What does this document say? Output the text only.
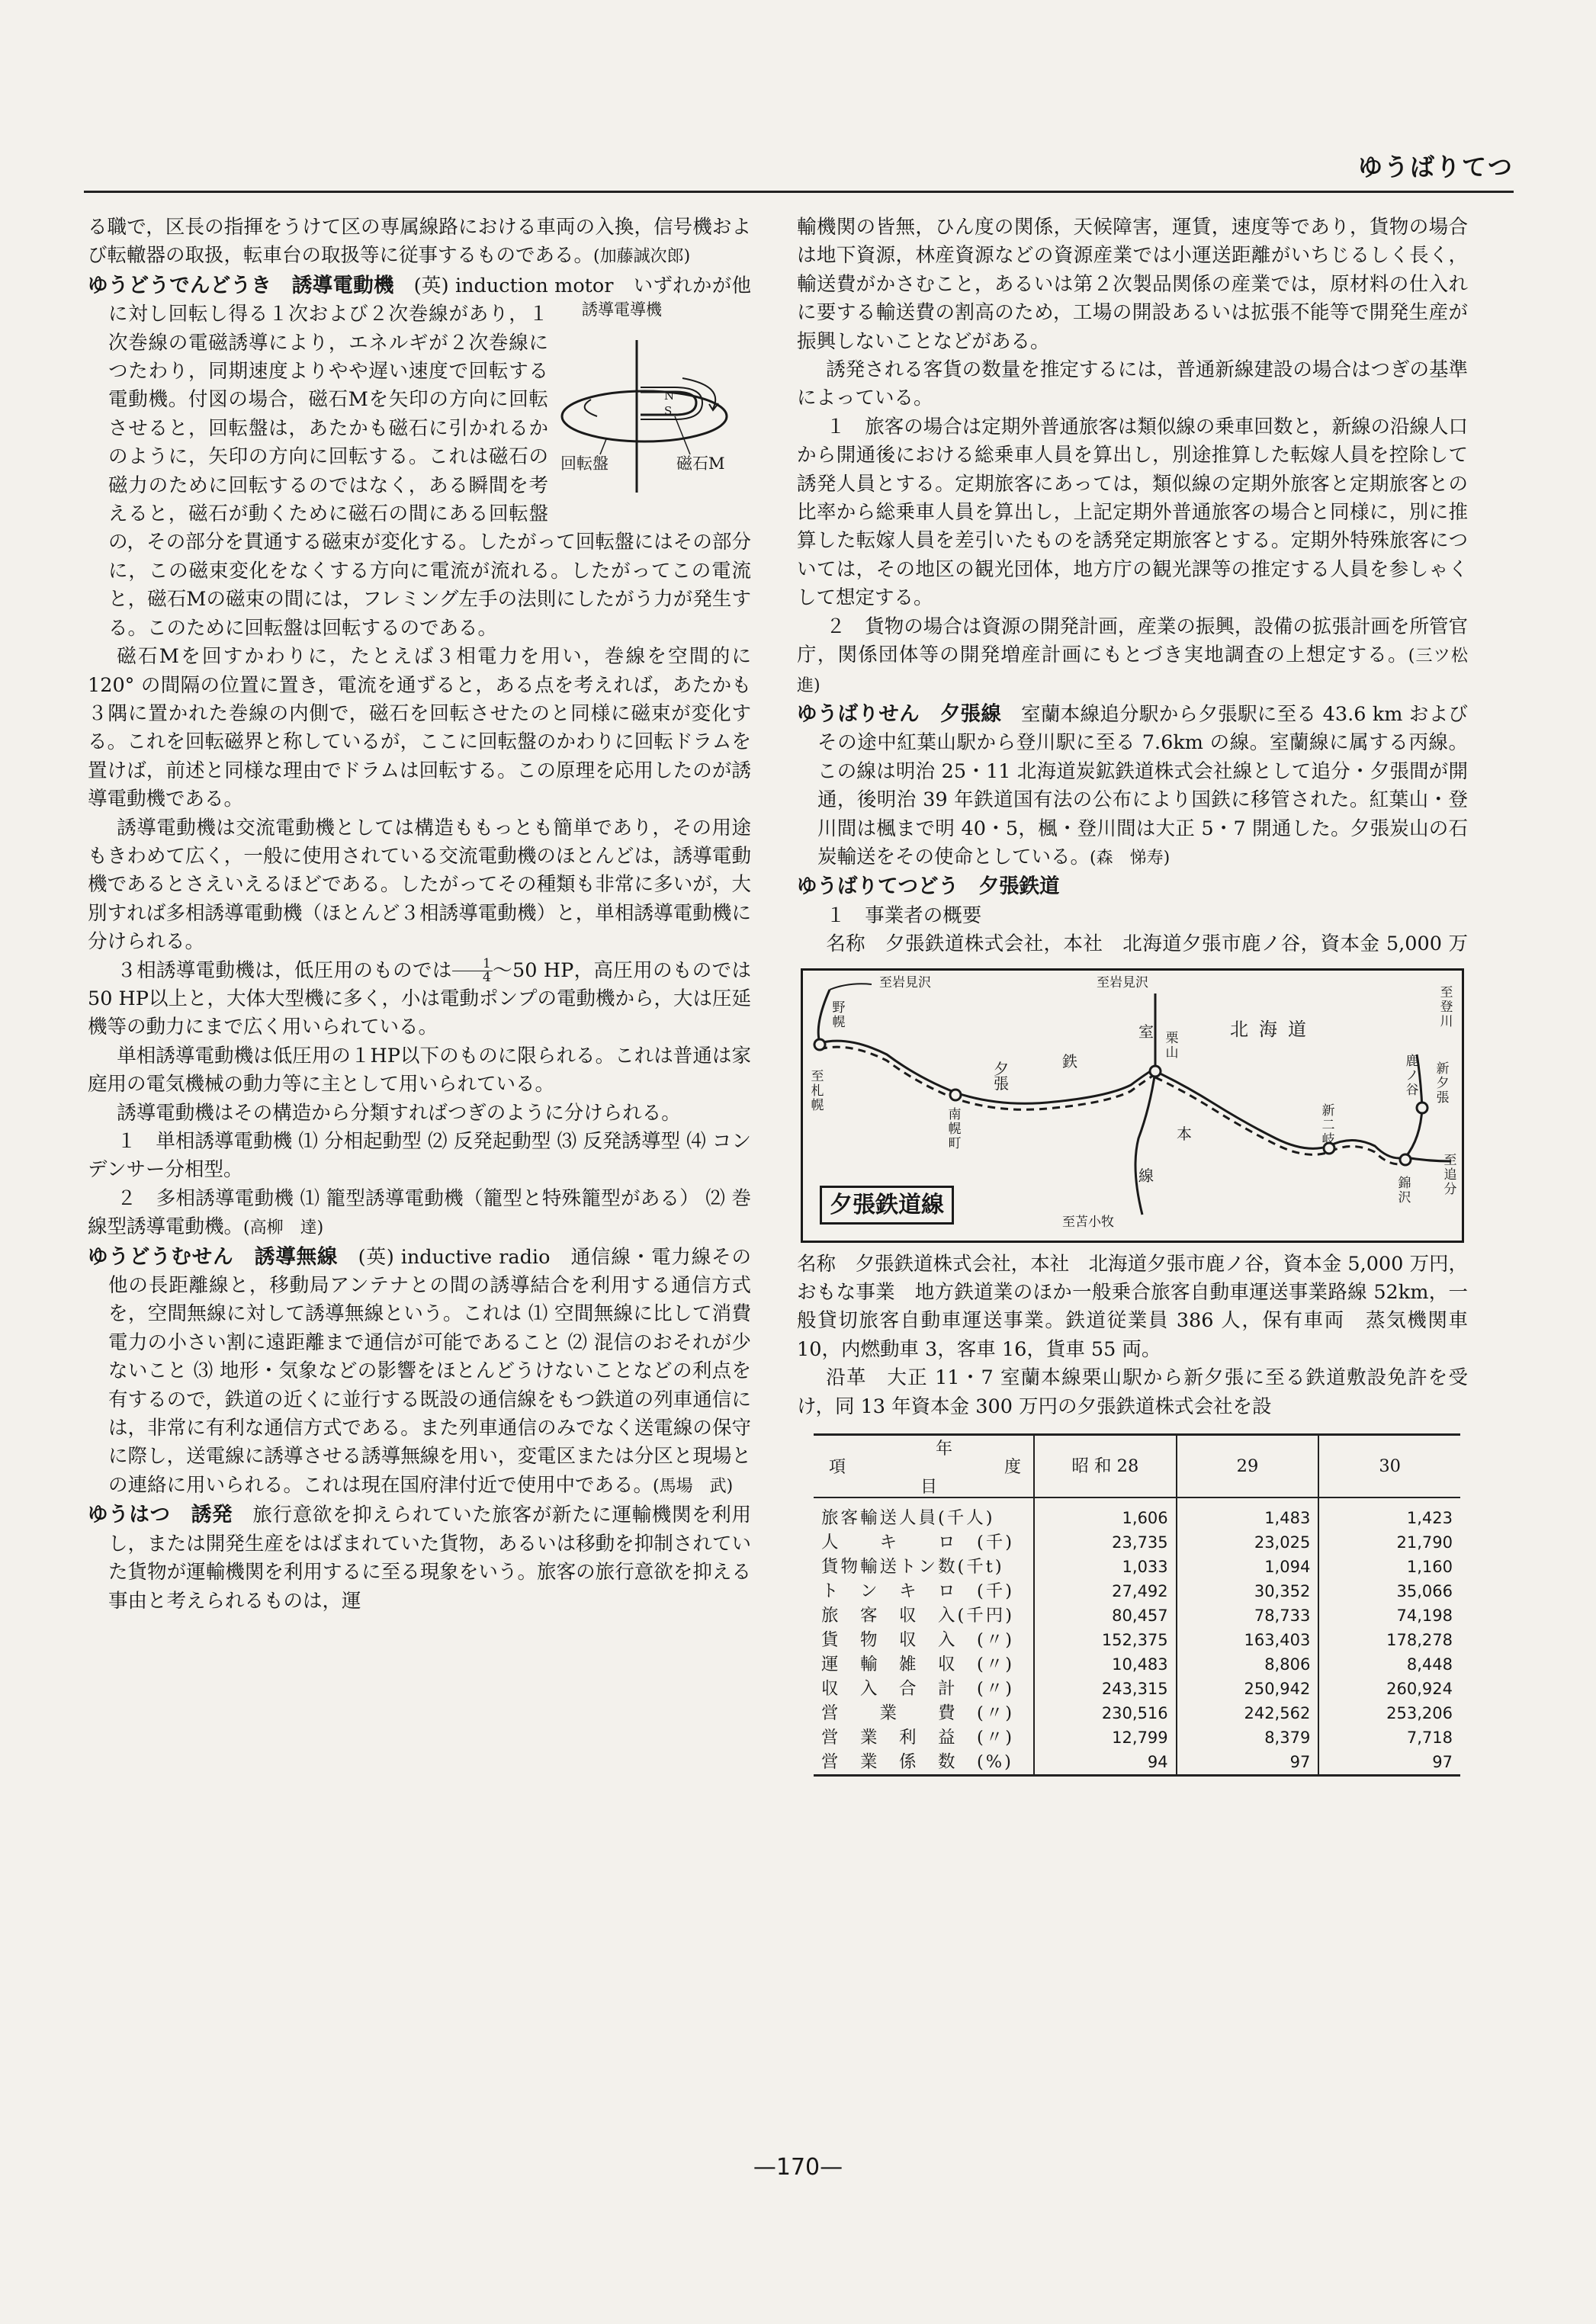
ゆうばりてつ

る職で，区長の指揮をうけて区の専属線路における車両の入換，信号機および転轍器の取扱，転車台の取扱等に従事するものである。(加藤誠次郎)

ゆうどうでんどうき　 誘導電動機　 (英) induction motor　
誘導電導機
N
S
回転盤	磁石M
いずれかが他に対し回転し得る１次および２次巻線があり，１次巻線の電磁誘導により，エネルギが２次巻線につたわり，同期速度よりやや遅い速度で回転する電動機。付図の場合，磁石Mを矢印の方向に回転させると，回転盤は，あたかも磁石に引かれるかのように，矢印の方向に回転する。これは磁石の磁力のために回転するのではなく，ある瞬間を考えると，磁石が動くために磁石の間にある回転盤の，その部分を貫通する磁束が変化する。したがって回転盤にはその部分に，この磁束変化をなくする方向に電流が流れる。したがってこの電流と，磁石Mの磁束の間には，フレミング左手の法則にしたがう力が発生する。このために回転盤は回転するのである。

磁石Mを回すかわりに，たとえば３相電力を用い，巻線を空間的に 120° の間隔の位置に置き，電流を通ずると，ある点を考えれば，あたかも３隅に置かれた巻線の内側で，磁石を回転させたのと同様に磁束が変化する。これを回転磁界と称しているが，ここに回転盤のかわりに回転ドラムを置けば，前述と同様な理由でドラムは回転する。この原理を応用したのが誘導電動機である。

誘導電動機は交流電動機としては構造ももっとも簡単であり，その用途もきわめて広く，一般に使用されている交流電動機のほとんどは，誘導電動機であるとさえいえるほどである。したがってその種類も非常に多いが，大別すれば多相誘導電動機（ほとんど３相誘導電動機）と，単相誘導電動機に分けられる。

３相誘導電動機は，低圧用のものでは $\frac{1}{4}$ 〜50 HP，高圧用のものでは 50 HP以上と，大体大型機に多く，小は電動ポンプの電動機から，大は圧延機等の動力にまで広く用いられている。

単相誘導電動機は低圧用の１HP以下のものに限られる。これは普通は家庭用の電気機械の動力等に主として用いられている。

誘導電動機はその構造から分類すればつぎのように分けられる。

１　単相誘導電動機 ⑴ 分相起動型 ⑵ 反発起動型 ⑶ 反発誘導型 ⑷ コンデンサー分相型。

２　多相誘導電動機 ⑴ 籠型誘導電動機（籠型と特殊籠型がある） ⑵ 巻線型誘導電動機。(高柳　達)

ゆうどうむせん　 誘導無線　 (英) inductive radio　 通信線・電力線その他の長距離線と，移動局アンテナとの間の誘導結合を利用する通信方式を，空間無線に対して誘導無線という。これは ⑴ 空間無線に比して消費電力の小さい割に遠距離まで通信が可能であること ⑵ 混信のおそれが少ないこと ⑶ 地形・気象などの影響をほとんどうけないことなどの利点を有するので，鉄道の近くに並行する既設の通信線をもつ鉄道の列車通信には，非常に有利な通信方式である。また列車通信のみでなく送電線の保守に際し，送電線に誘導させる誘導無線を用い，変電区または分区と現場との連絡に用いられる。これは現在国府津付近で使用中である。(馬場　武)

ゆうはつ　 誘発　 旅行意欲を抑えられていた旅客が新たに運輸機関を利用し，または開発生産をはばまれていた貨物，あるいは移動を抑制されていた貨物が運輸機関を利用するに至る現象をいう。旅客の旅行意欲を抑える事由と考えられるものは，運

輸機関の皆無，ひん度の関係，天候障害，運賃，速度等であり，貨物の場合は地下資源，林産資源などの資源産業では小運送距離がいちじるしく長く，輸送費がかさむこと，あるいは第２次製品関係の産業では，原材料の仕入れに要する輸送費の割高のため，工場の開設あるいは拡張不能等で開発生産が振興しないことなどがある。

誘発される客貨の数量を推定するには，普通新線建設の場合はつぎの基準によっている。

１　旅客の場合は定期外普通旅客は類似線の乗車回数と，新線の沿線人口から開通後における総乗車人員を算出し，別途推算した転嫁人員を控除して誘発人員とする。定期旅客にあっては，類似線の定期外旅客と定期旅客との比率から総乗車人員を算出し，上記定期外普通旅客の場合と同様に，別に推算した転嫁人員を差引いたものを誘発定期旅客とする。定期外特殊旅客については，その地区の観光団体，地方庁の観光課等の推定する人員を参しゃくして想定する。

２　貨物の場合は資源の開発計画，産業の振興，設備の拡張計画を所管官庁，関係団体等の開発増産計画にもとづき実地調査の上想定する。(三ツ松　進)

ゆうばりせん　 夕張線　 室蘭本線追分駅から夕張駅に至る 43.6 km およびその途中紅葉山駅から登川駅に至る 7.6km の線。室蘭線に属する丙線。この線は明治 25・11 北海道炭鉱鉄道株式会社線として追分・夕張間が開通，後明治 39 年鉄道国有法の公布により国鉄に移管された。紅葉山・登川間は楓まで明 40・5，楓・登川間は大正 5・7 開通した。夕張炭山の石炭輸送をその使命としている。(森　悌寿)

ゆうばりてつどう　 夕張鉄道

１　事業者の概要

名称　夕張鉄道株式会社，本社　北海道夕張市鹿ノ谷，資本金 5,000 万　 　

至岩見沢	至岩見沢
室	北海道
至札幌
野幌
南幌町
夕張
鉄
栗山
本
線
新二岐
錦沢
鹿ノ谷
新夕張
至登川
至追分
至苫小牧
夕張鉄道線

名称　夕張鉄道株式会社，本社　北海道夕張市鹿ノ谷，資本金 5,000 万円，おもな事業　地方鉄道業のほか一般乗合旅客自動車運送事業路線 52km，一般貸切旅客自動車運送事業。鉄道従業員 386 人，保有車両　蒸気機関車 10，内燃動車 3，客車 16，貨車 55 両。

沿革　大正 11・7 室蘭本線栗山駅から新夕張に至る鉄道敷設免許を受け，同 13 年資本金 300 万円の夕張鉄道株式会社を設

年
項 度
目	昭 和 28	29	30
旅客輸送人員(千人)	1,606	1,483	1,423
人　　キ　　ロ　(千)	23,735	23,025	21,790
貨物輸送トン数(千t)	1,033	1,094	1,160
ト　ン　キ　ロ　(千)	27,492	30,352	35,066
旅　客　収　入(千円)	80,457	78,733	74,198
貨　物　収　入　(〃)	152,375	163,403	178,278
運　輸　雑　収　(〃)	10,483	8,806	8,448
収　入　合　計　(〃)	243,315	250,942	260,924
営　　業　　費　(〃)	230,516	242,562	253,206
営　業　利　益　(〃)	12,799	8,379	7,718
営　業　係　数　(%)	94	97	97
—170—
